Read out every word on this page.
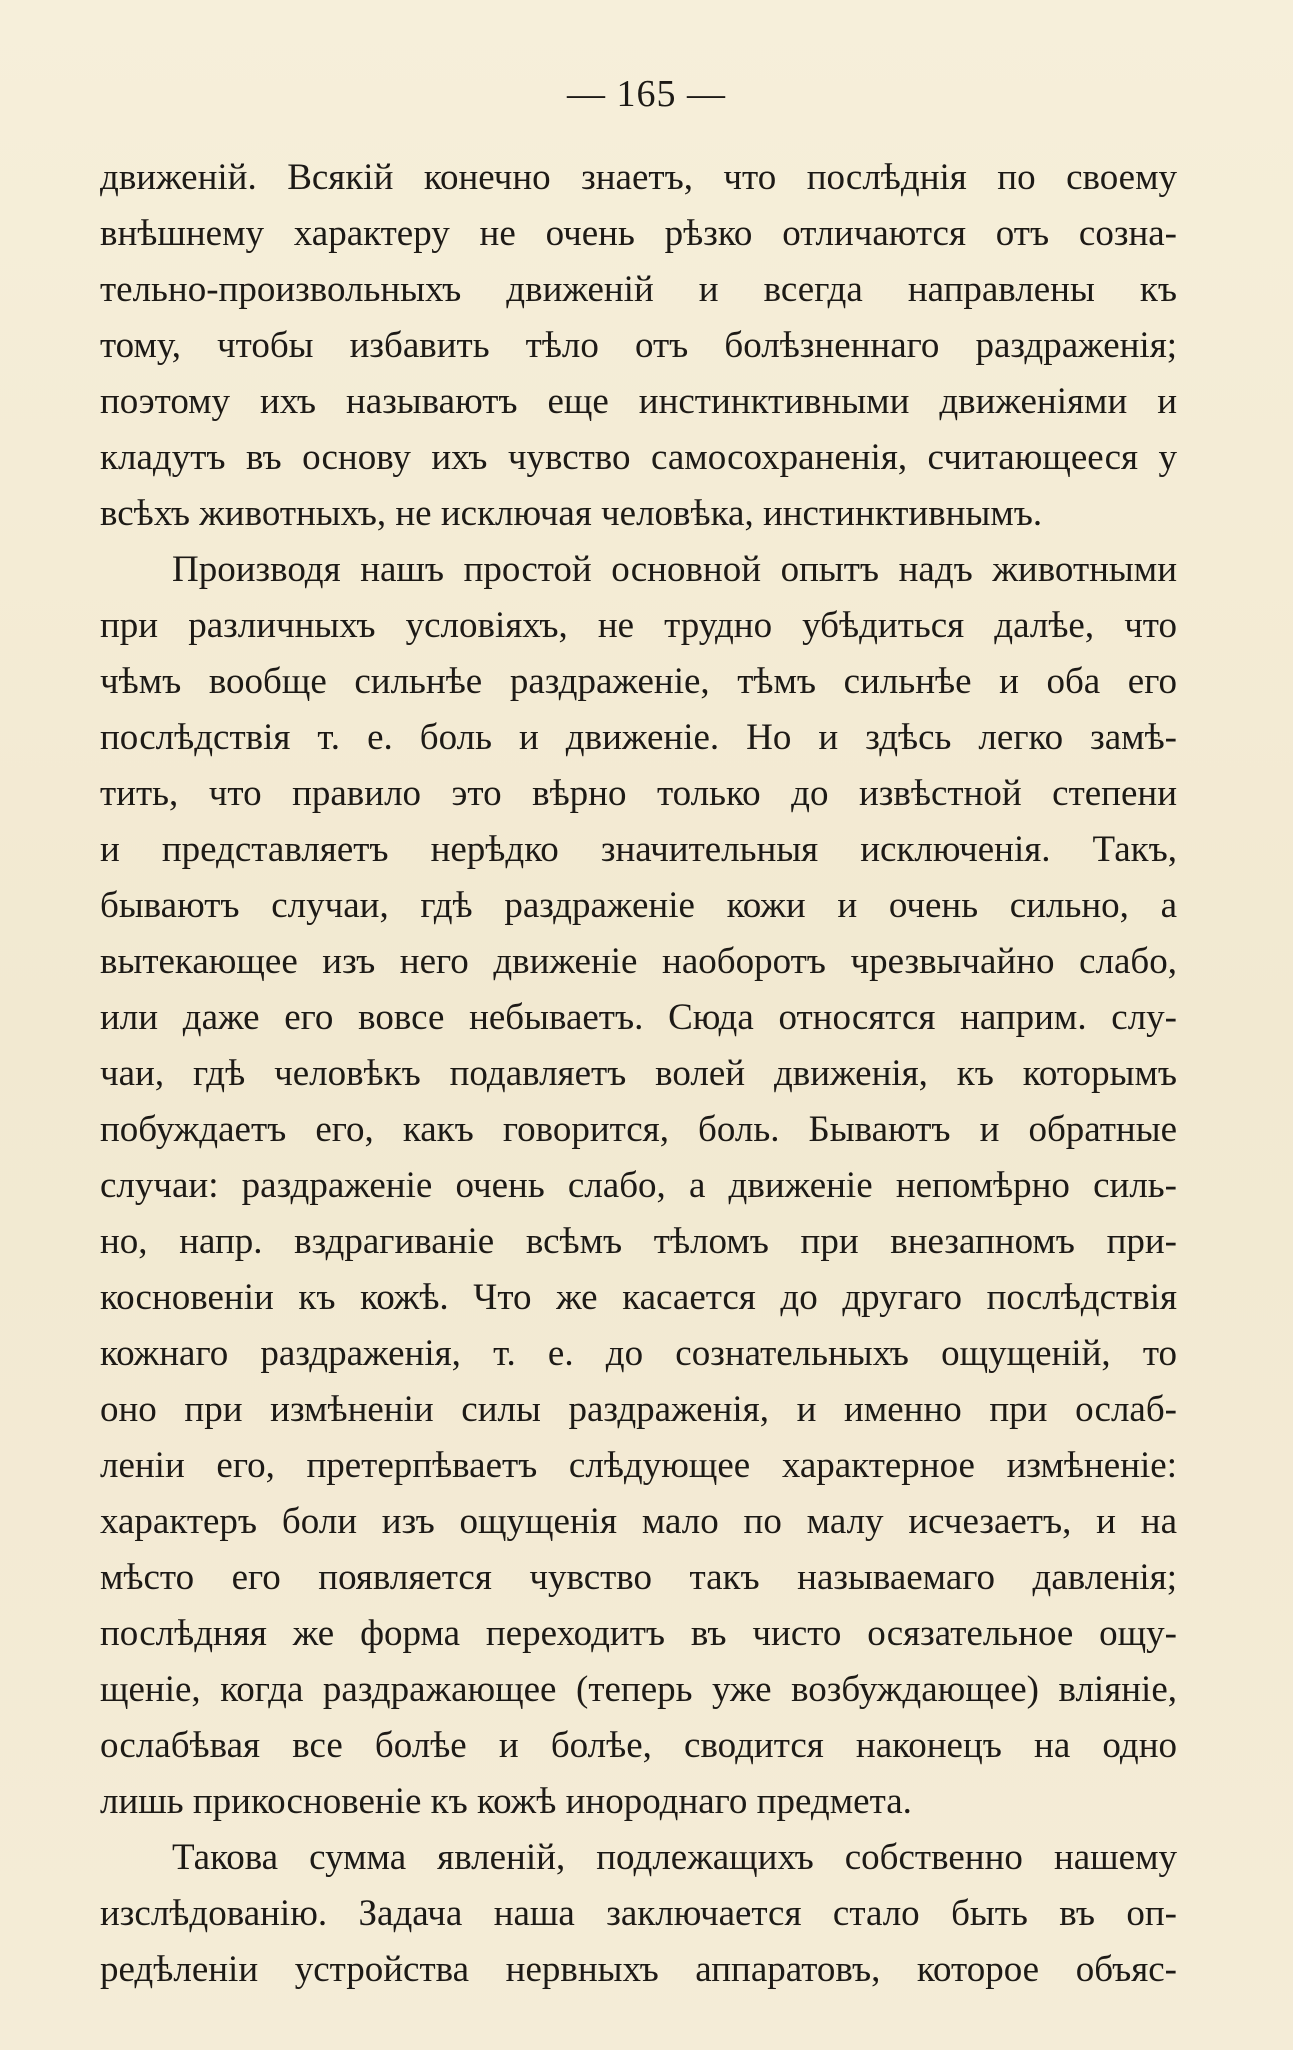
— 165 —
движеній. Всякій конечно знаетъ, что послѣднія по своему
внѣшнему характеру не очень рѣзко отличаются отъ созна-
тельно-произвольныхъ движеній и всегда направлены къ
тому, чтобы избавить тѣло отъ болѣзненнаго раздраженія;
поэтому ихъ называютъ еще инстинктивными движеніями и
кладутъ въ основу ихъ чувство самосохраненія, считающееся у
всѣхъ животныхъ, не исключая человѣка, инстинктивнымъ.
Производя нашъ простой основной опытъ надъ животными
при различныхъ условіяхъ, не трудно убѣдиться далѣе, что
чѣмъ вообще сильнѣе раздраженіе, тѣмъ сильнѣе и оба его
послѣдствія т. е. боль и движеніе. Но и здѣсь легко замѣ-
тить, что правило это вѣрно только до извѣстной степени
и представляетъ нерѣдко значительныя исключенія. Такъ,
бываютъ случаи, гдѣ раздраженіе кожи и очень сильно, а
вытекающее изъ него движеніе наоборотъ чрезвычайно слабо,
или даже его вовсе небываетъ. Сюда относятся наприм. слу-
чаи, гдѣ человѣкъ подавляетъ волей движенія, къ которымъ
побуждаетъ его, какъ говорится, боль. Бываютъ и обратные
случаи: раздраженіе очень слабо, а движеніе непомѣрно силь-
но, напр. вздрагиваніе всѣмъ тѣломъ при внезапномъ при-
косновеніи къ кожѣ. Что же касается до другаго послѣдствія
кожнаго раздраженія, т. е. до сознательныхъ ощущеній, то
оно при измѣненіи силы раздраженія, и именно при ослаб-
леніи его, претерпѣваетъ слѣдующее характерное измѣненіе:
характеръ боли изъ ощущенія мало по малу исчезаетъ, и на
мѣсто его появляется чувство такъ называемаго давленія;
послѣдняя же форма переходитъ въ чисто осязательное ощу-
щеніе, когда раздражающее (теперь уже возбуждающее) вліяніе,
ослабѣвая все болѣе и болѣе, сводится наконецъ на одно
лишь прикосновеніе къ кожѣ инороднаго предмета.
Такова сумма явленій, подлежащихъ собственно нашему
изслѣдованію. Задача наша заключается стало быть въ оп-
редѣленіи устройства нервныхъ аппаратовъ, которое объяс-
